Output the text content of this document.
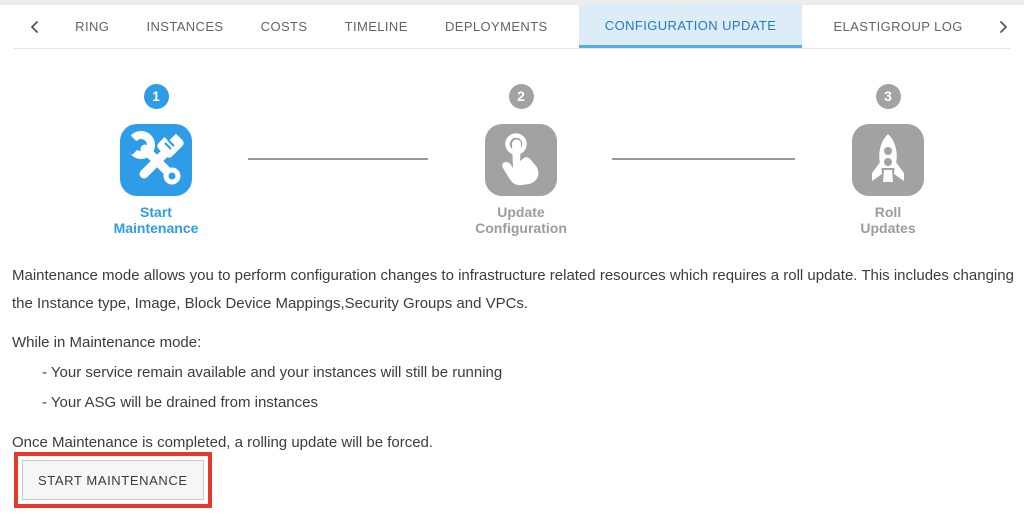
RING	INSTANCES	COSTS	TIMELINE	DEPLOYMENTS	CONFIGURATION UPDATE	ELASTIGROUP LOG
1
Start
Maintenance
2
Update
Configuration
3
Roll
Updates

Maintenance mode allows you to perform configuration changes to infrastructure related resources which requires a roll update. This includes changing the Instance type, Image, Block Device Mappings,Security Groups and VPCs.

While in Maintenance mode:
- Your service remain available and your instances will still be running
- Your ASG will be drained from instances

Once Maintenance is completed, a rolling update will be forced.

START MAINTENANCE
